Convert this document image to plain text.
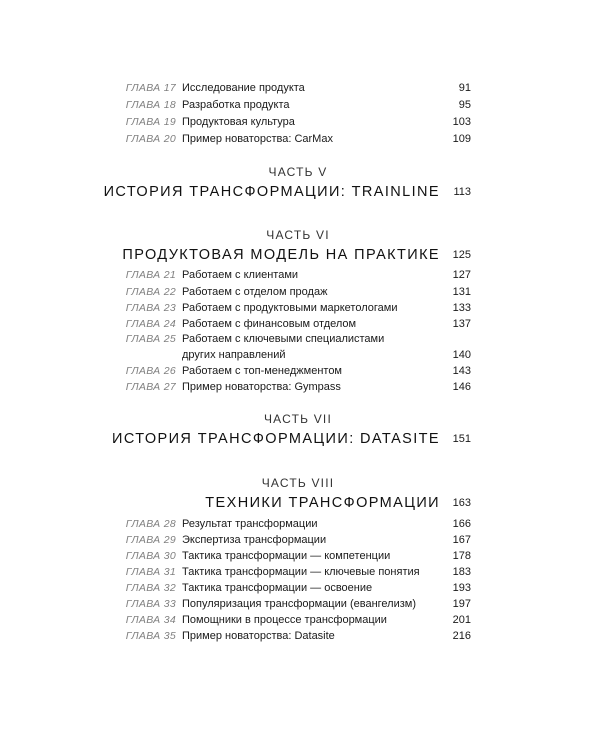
ГЛАВА 17 Исследование продукта	91
ГЛАВА 18 Разработка продукта	95
ГЛАВА 19 Продуктовая культура	103
ГЛАВА 20 Пример новаторства: CarMax	109
ЧАСТЬ V
ИСТОРИЯ ТРАНСФОРМАЦИИ: TRAINLINE 113
ЧАСТЬ VI
ПРОДУКТОВАЯ МОДЕЛЬ НА ПРАКТИКЕ 125
ГЛАВА 21 Работаем с клиентами	127
ГЛАВА 22 Работаем с отделом продаж	131
ГЛАВА 23 Работаем с продуктовыми маркетологами	133
ГЛАВА 24 Работаем с финансовым отделом	137
ГЛАВА 25 Работаем с ключевыми специалистами
других направлений	140
ГЛАВА 26 Работаем с топ-менеджментом	143
ГЛАВА 27 Пример новаторства: Gympass	146
ЧАСТЬ VII
ИСТОРИЯ ТРАНСФОРМАЦИИ: DATASITE 151
ЧАСТЬ VIII
ТЕХНИКИ ТРАНСФОРМАЦИИ 163
ГЛАВА 28 Результат трансформации	166
ГЛАВА 29 Экспертиза трансформации	167
ГЛАВА 30 Тактика трансформации — компетенции	178
ГЛАВА 31 Тактика трансформации — ключевые понятия	183
ГЛАВА 32 Тактика трансформации — освоение	193
ГЛАВА 33 Популяризация трансформации (евангелизм)	197
ГЛАВА 34 Помощники в процессе трансформации	201
ГЛАВА 35 Пример новаторства: Datasite	216
